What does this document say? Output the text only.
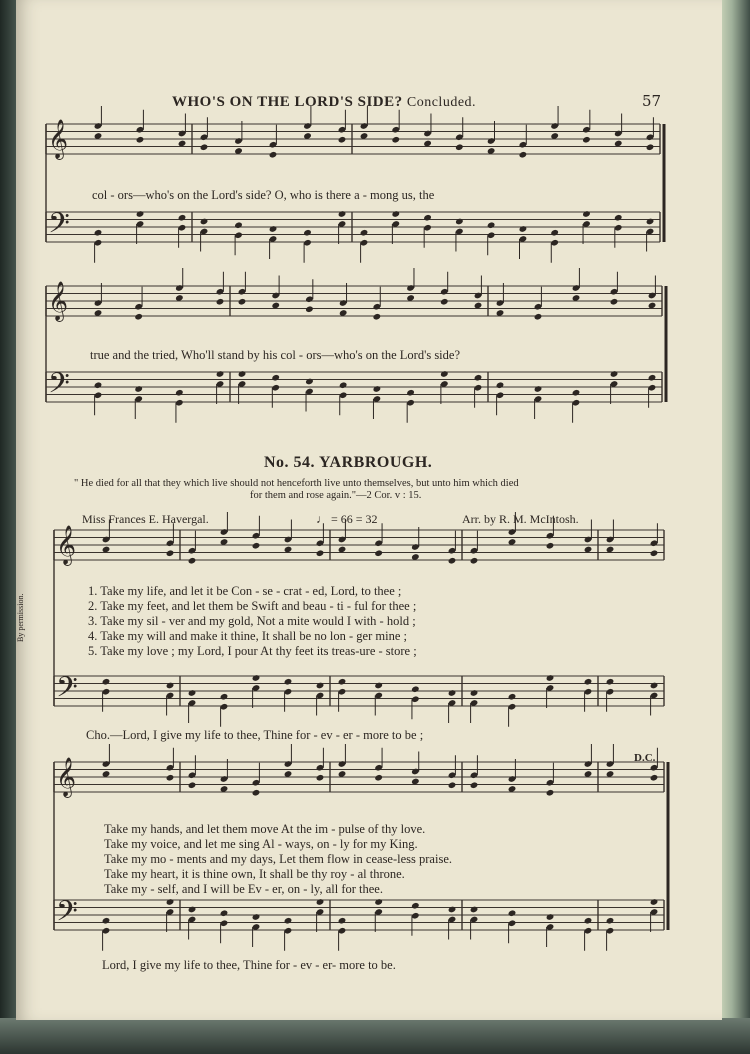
𝄞
𝄢
𝄞
𝄢
𝄞
𝄢
𝄞
𝄢
WHO'S ON THE LORD'S SIDE? Concluded.	57
col - ors—who's on the Lord's side? O, who is there a - mong us, the
true and the tried, Who'll stand by his col - ors—who's on the Lord's side?
No. 54. YARBROUGH.
" He died for all that they which live should not henceforth live unto themselves, but unto him which died
for them and rose again."—2 Cor. v : 15.
Miss Frances E. Havergal.	♩ = 66 = 32	Arr. by R. M. McIntosh.
By permission.
1. Take my life, and let it be Con - se - crat - ed, Lord, to thee ;
2. Take my feet, and let them be Swift and beau - ti - ful for thee ;
3. Take my sil - ver and my gold, Not a mite would I with - hold ;
4. Take my will and make it thine, It shall be no lon - ger mine ;
5. Take my love ; my Lord, I pour At thy feet its treas-ure - store ;
Cho.—Lord, I give my life to thee, Thine for - ev - er - more to be ;
D.C.
Take my hands, and let them move At the im - pulse of thy love.
Take my voice, and let me sing Al - ways, on - ly for my King.
Take my mo - ments and my days, Let them flow in cease-less praise.
Take my heart, it is thine own, It shall be thy roy - al throne.
Take my - self, and I will be Ev - er, on - ly, all for thee.
Lord, I give my life to thee, Thine for - ev - er- more to be.
